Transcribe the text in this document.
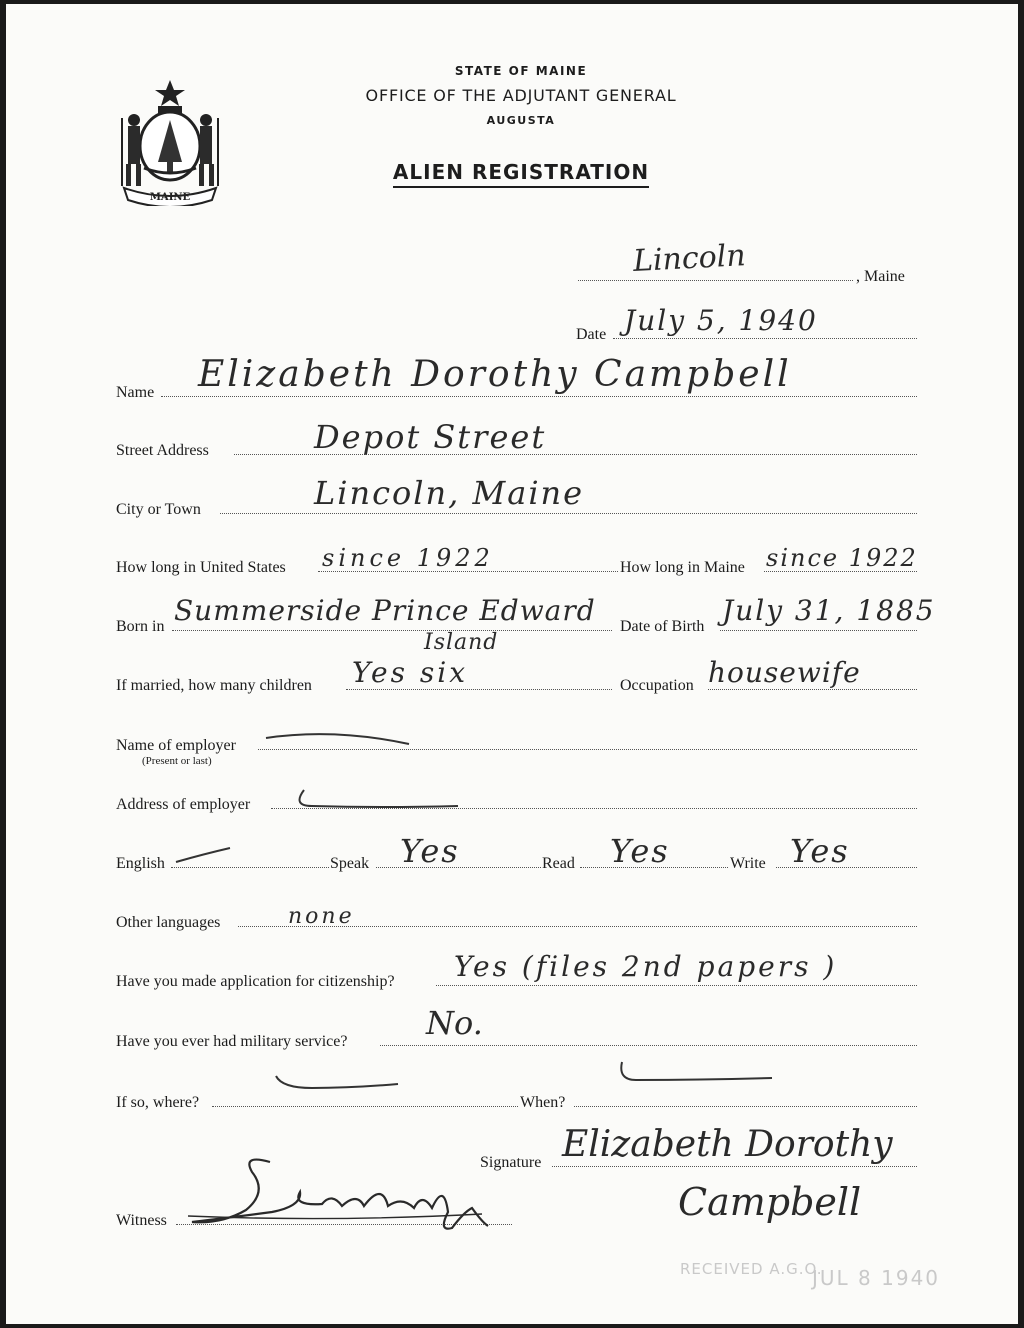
STATE OF MAINE
OFFICE OF THE ADJUTANT GENERAL
AUGUSTA
ALIEN REGISTRATION
MAINE
Lincoln	, Maine
Date July 5, 1940
Name Elizabeth Dorothy Campbell
Street Address	Depot Street
City or Town	Lincoln, Maine
How long in United States since 1922	How long in Maine since 1922
Born in Summerside Prince Edward
Island
Date of Birth July 31, 1885
If married, how many children Yes six	Occupation housewife
Name of employer
(Present or last)
Address of employer
English	Speak Yes	Read Yes	Write Yes
Other languages	none
Have you made application for citizenship? Yes (files 2nd papers )
Have you ever had military service? No.
If so, where?	When?
Signature Elizabeth Dorothy
Campbell
Witness
RECEIVED A.G.O.
JUL 8 1940
